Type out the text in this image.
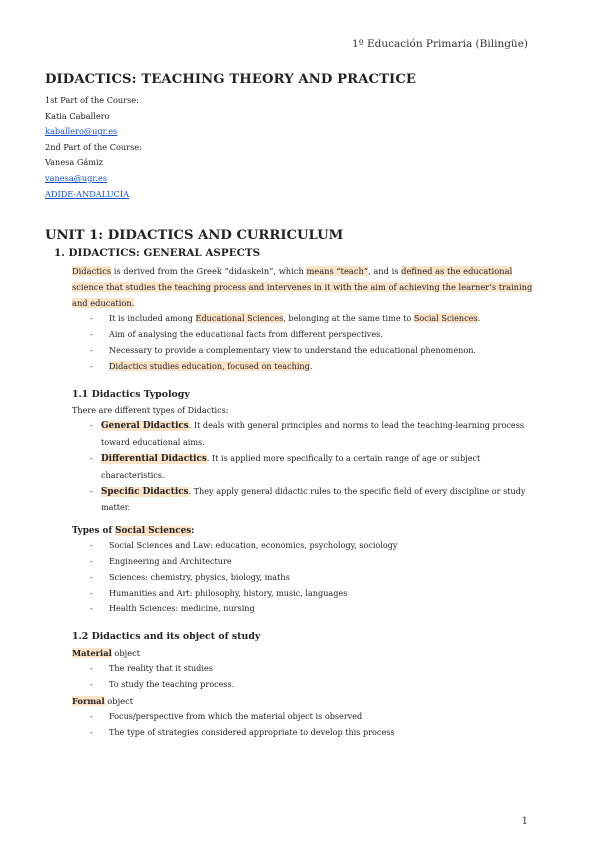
1º Educación Primaria (Bilingüe)
DIDACTICS: TEACHING THEORY AND PRACTICE
1st Part of the Course:
Katia Caballero
kaballero@ugr.es
2nd Part of the Course:
Vanesa Gámiz
vanesa@ugr.es
ADIDE-ANDALUCÍA
UNIT 1: DIDACTICS AND CURRICULUM
1. DIDACTICS: GENERAL ASPECTS
Didactics is derived from the Greek “didaskein”, which means “teach”, and is defined as the educational science that studies the teaching process and intervenes in it with the aim of achieving the learner’s training and education.
- It is included among Educational Sciences, belonging at the same time to Social Sciences.
- Aim of analysing the educational facts from different perspectives.
- Necessary to provide a complementary view to understand the educational phenomenon.
- Didactics studies education, focused on teaching.
1.1 Didactics Typology
There are different types of Didactics:
- General Didactics. It deals with general principles and norms to lead the teaching-learning process toward educational aims.
- Differential Didactics. It is applied more specifically to a certain range of age or subject characteristics.
- Specific Didactics. They apply general didactic rules to the specific field of every discipline or study matter.
Types of Social Sciences:
- Social Sciences and Law: education, economics, psychology, sociology
- Engineering and Architecture
- Sciences: chemistry, physics, biology, maths
- Humanities and Art: philosophy, history, music, languages
- Health Sciences: medicine, nursing
1.2 Didactics and its object of study
Material object
- The reality that it studies
- To study the teaching process.
Formal object
- Focus/perspective from which the material object is observed
- The type of strategies considered appropriate to develop this process
1
